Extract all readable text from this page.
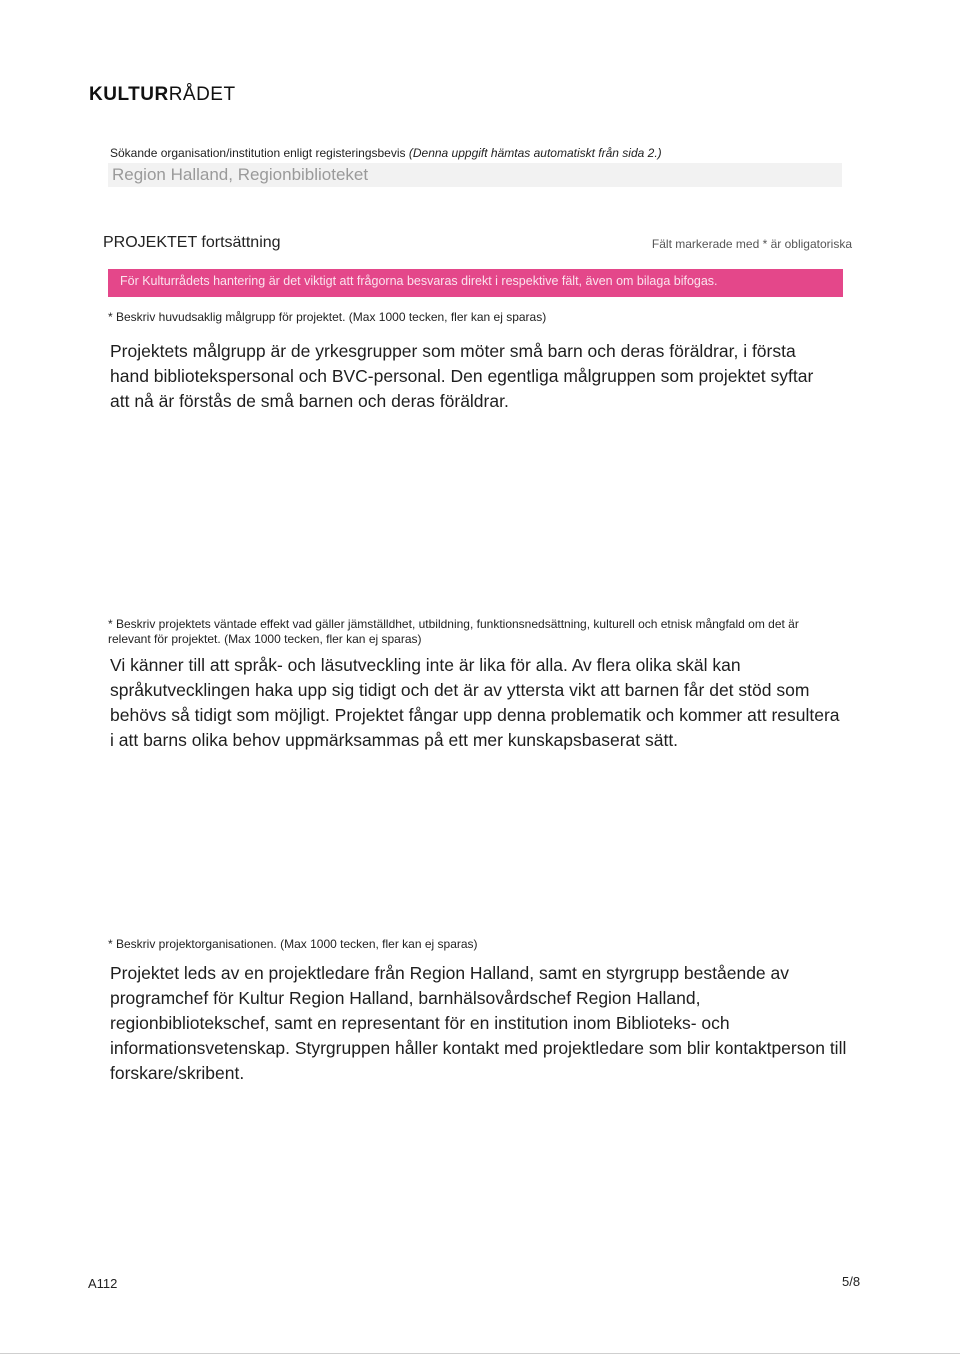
KULTURRÅDET
Sökande organisation/institution enligt registeringsbevis (Denna uppgift hämtas automatiskt från sida 2.)
Region Halland, Regionbiblioteket
PROJEKTET fortsättning	Fält markerade med * är obligatoriska
För Kulturrådets hantering är det viktigt att frågorna besvaras direkt i respektive fält, även om bilaga bifogas.
* Beskriv huvudsaklig målgrupp för projektet. (Max 1000 tecken, fler kan ej sparas)
Projektets målgrupp är de yrkesgrupper som möter små barn och deras föräldrar, i första hand bibliotekspersonal och BVC-personal. Den egentliga målgruppen som projektet syftar att nå är förstås de små barnen och deras föräldrar.
* Beskriv projektets väntade effekt vad gäller jämställdhet, utbildning, funktionsnedsättning, kulturell och etnisk mångfald om det är relevant för projektet. (Max 1000 tecken, fler kan ej sparas)
Vi känner till att språk- och läsutveckling inte är lika för alla. Av flera olika skäl kan språkutvecklingen haka upp sig tidigt och det är av yttersta vikt att barnen får det stöd som behövs så tidigt som möjligt. Projektet fångar upp denna problematik och kommer att resultera i att barns olika behov uppmärksammas på ett mer kunskapsbaserat sätt.
* Beskriv projektorganisationen. (Max 1000 tecken, fler kan ej sparas)
Projektet leds av en projektledare från Region Halland, samt en styrgrupp bestående av programchef för Kultur Region Halland, barnhälsovårdschef Region Halland, regionbibliotekschef, samt en representant för en institution inom Biblioteks- och informationsvetenskap. Styrgruppen håller kontakt med projektledare som blir kontaktperson till forskare/skribent.
A112	5/8
